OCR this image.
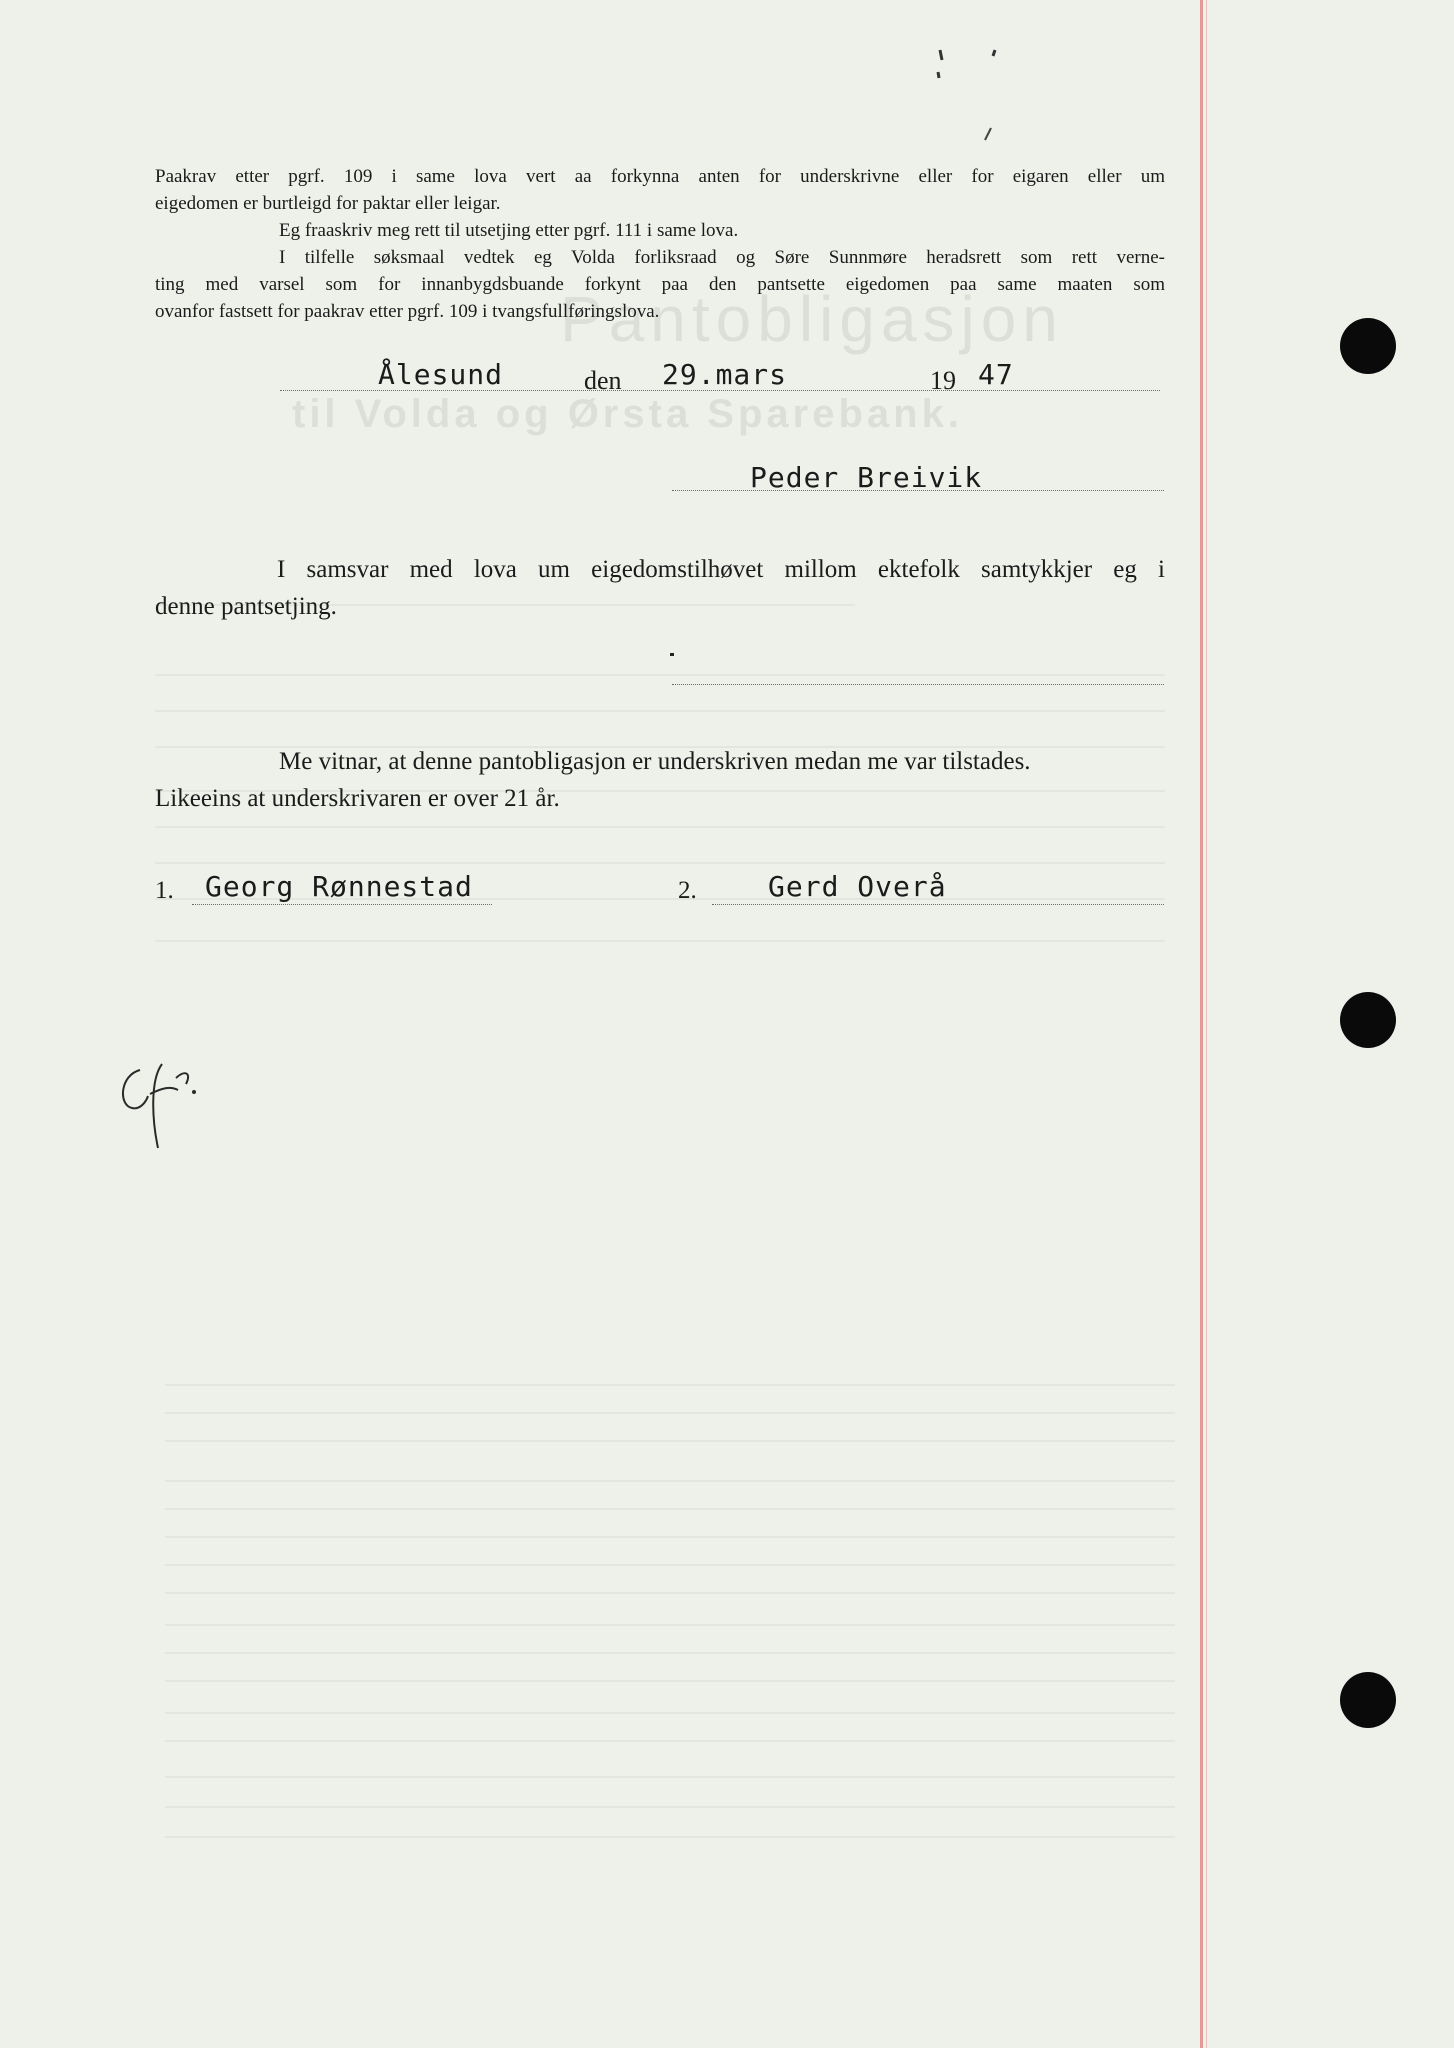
Pantobligasjon
til Volda og Ørsta Sparebank.
Paakrav etter pgrf. 109 i same lova vert aa forkynna anten for underskrivne eller for eigaren eller um
eigedomen er burtleigd for paktar eller leigar.
Eg fraaskriv meg rett til utsetjing etter pgrf. 111 i same lova.
I tilfelle søksmaal vedtek eg Volda forliksraad og Søre Sunnmøre heradsrett som rett verne-
ting med varsel som for innanbygdsbuande forkynt paa den pantsette eigedomen paa same maaten som
ovanfor fastsett for paakrav etter pgrf. 109 i tvangsfullføringslova.
Ålesund	den 29.mars	19 47
Peder Breivik
I samsvar med lova um eigedomstilhøvet millom ektefolk samtykkjer eg i
denne pantsetjing.
Me vitnar, at denne pantobligasjon er underskriven medan me var tilstades.
Likeeins at underskrivaren er over 21 år.
1. Georg Rønnestad	2.	Gerd Overå
